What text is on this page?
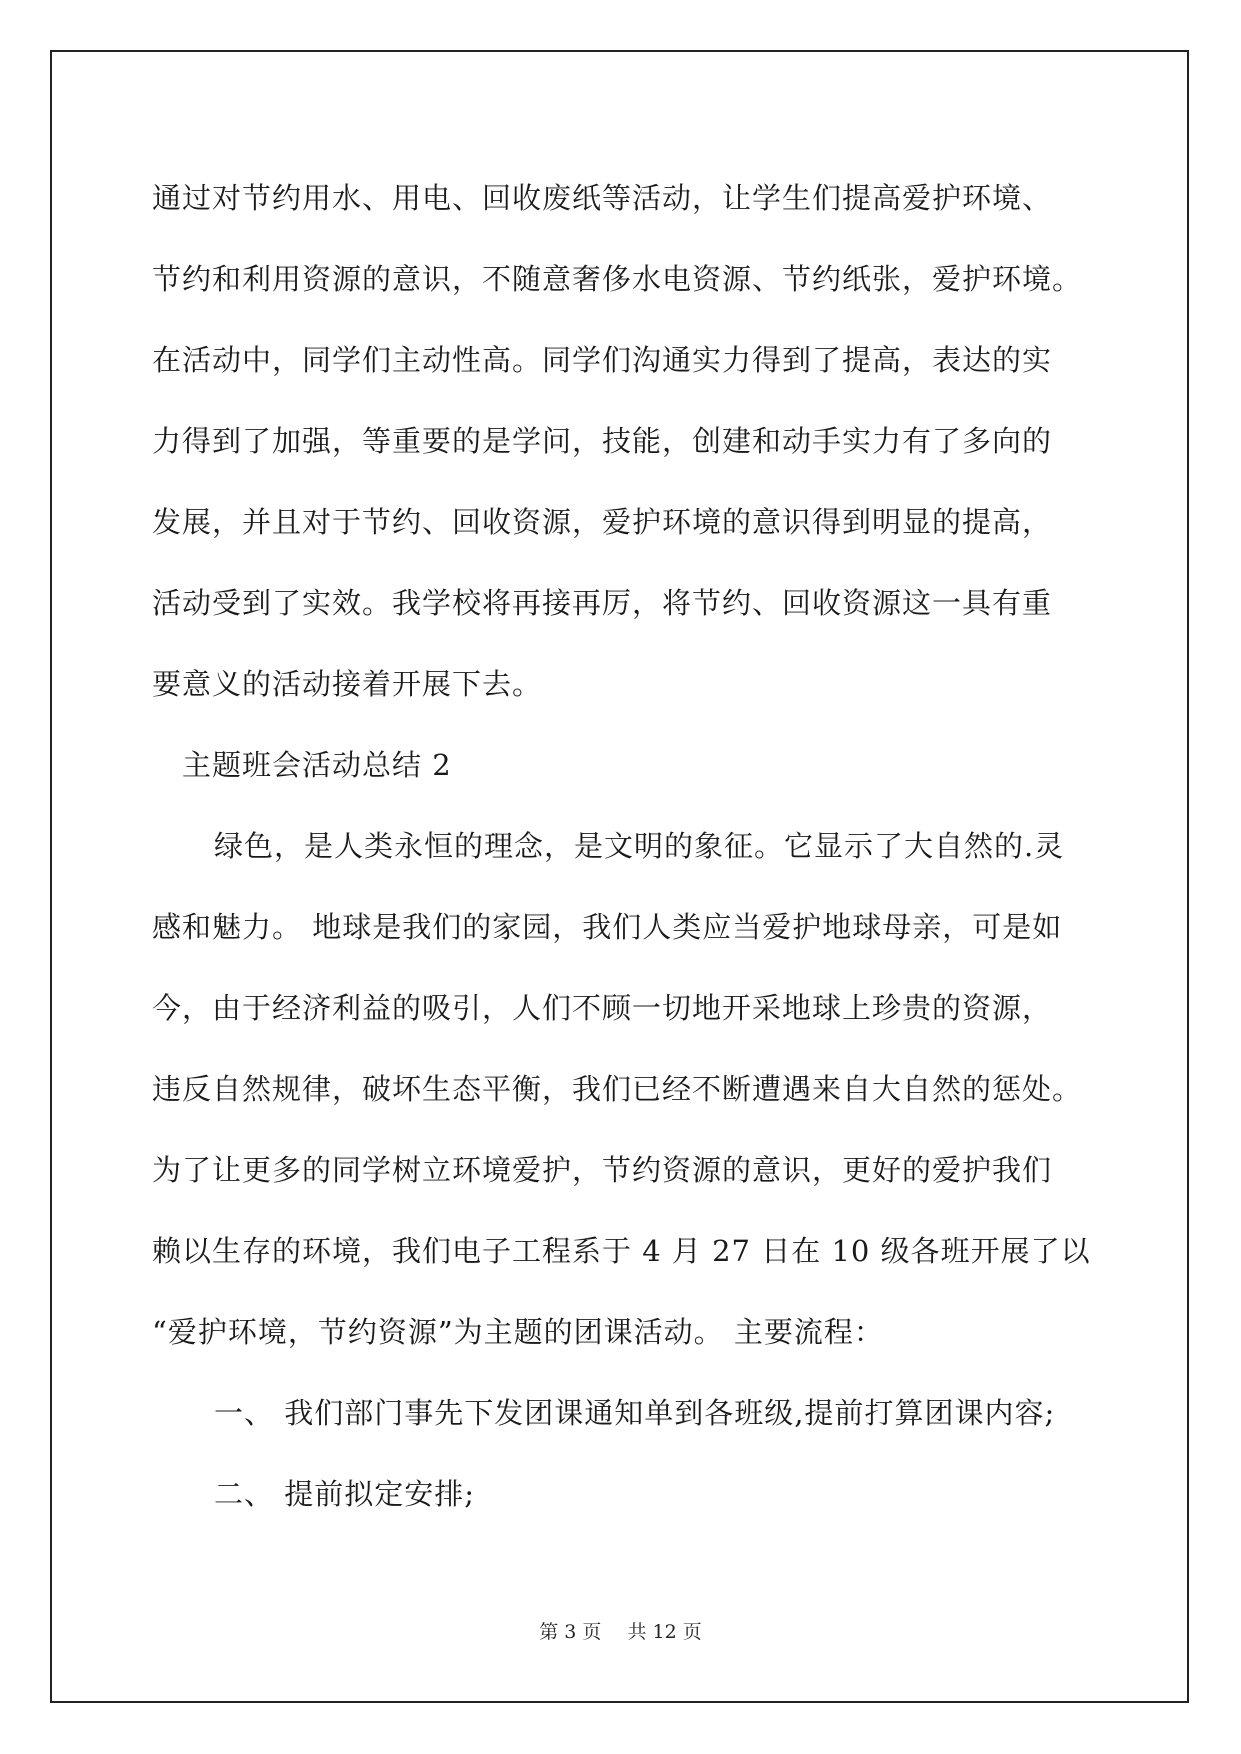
通过对节约用水、用电、回收废纸等活动，让学生们提高爱护环境、
节约和利用资源的意识，不随意奢侈水电资源、节约纸张，爱护环境。
在活动中，同学们主动性高。同学们沟通实力得到了提高，表达的实
力得到了加强，等重要的是学问，技能，创建和动手实力有了多向的
发展，并且对于节约、回收资源，爱护环境的意识得到明显的提高，
活动受到了实效。我学校将再接再厉，将节约、回收资源这一具有重
要意义的活动接着开展下去。
主题班会活动总结 2
绿色，是人类永恒的理念，是文明的象征。它显示了大自然的.灵
感和魅力。 地球是我们的家园，我们人类应当爱护地球母亲，可是如
今，由于经济利益的吸引，人们不顾一切地开采地球上珍贵的资源，
违反自然规律，破坏生态平衡，我们已经不断遭遇来自大自然的惩处。
为了让更多的同学树立环境爱护，节约资源的意识，更好的爱护我们
赖以生存的环境，我们电子工程系于 4 月 27 日在 10 级各班开展了以
“爱护环境，节约资源”为主题的团课活动。 主要流程：
一、 我们部门事先下发团课通知单到各班级,提前打算团课内容;
二、 提前拟定安排;
第 3 页 共 12 页
